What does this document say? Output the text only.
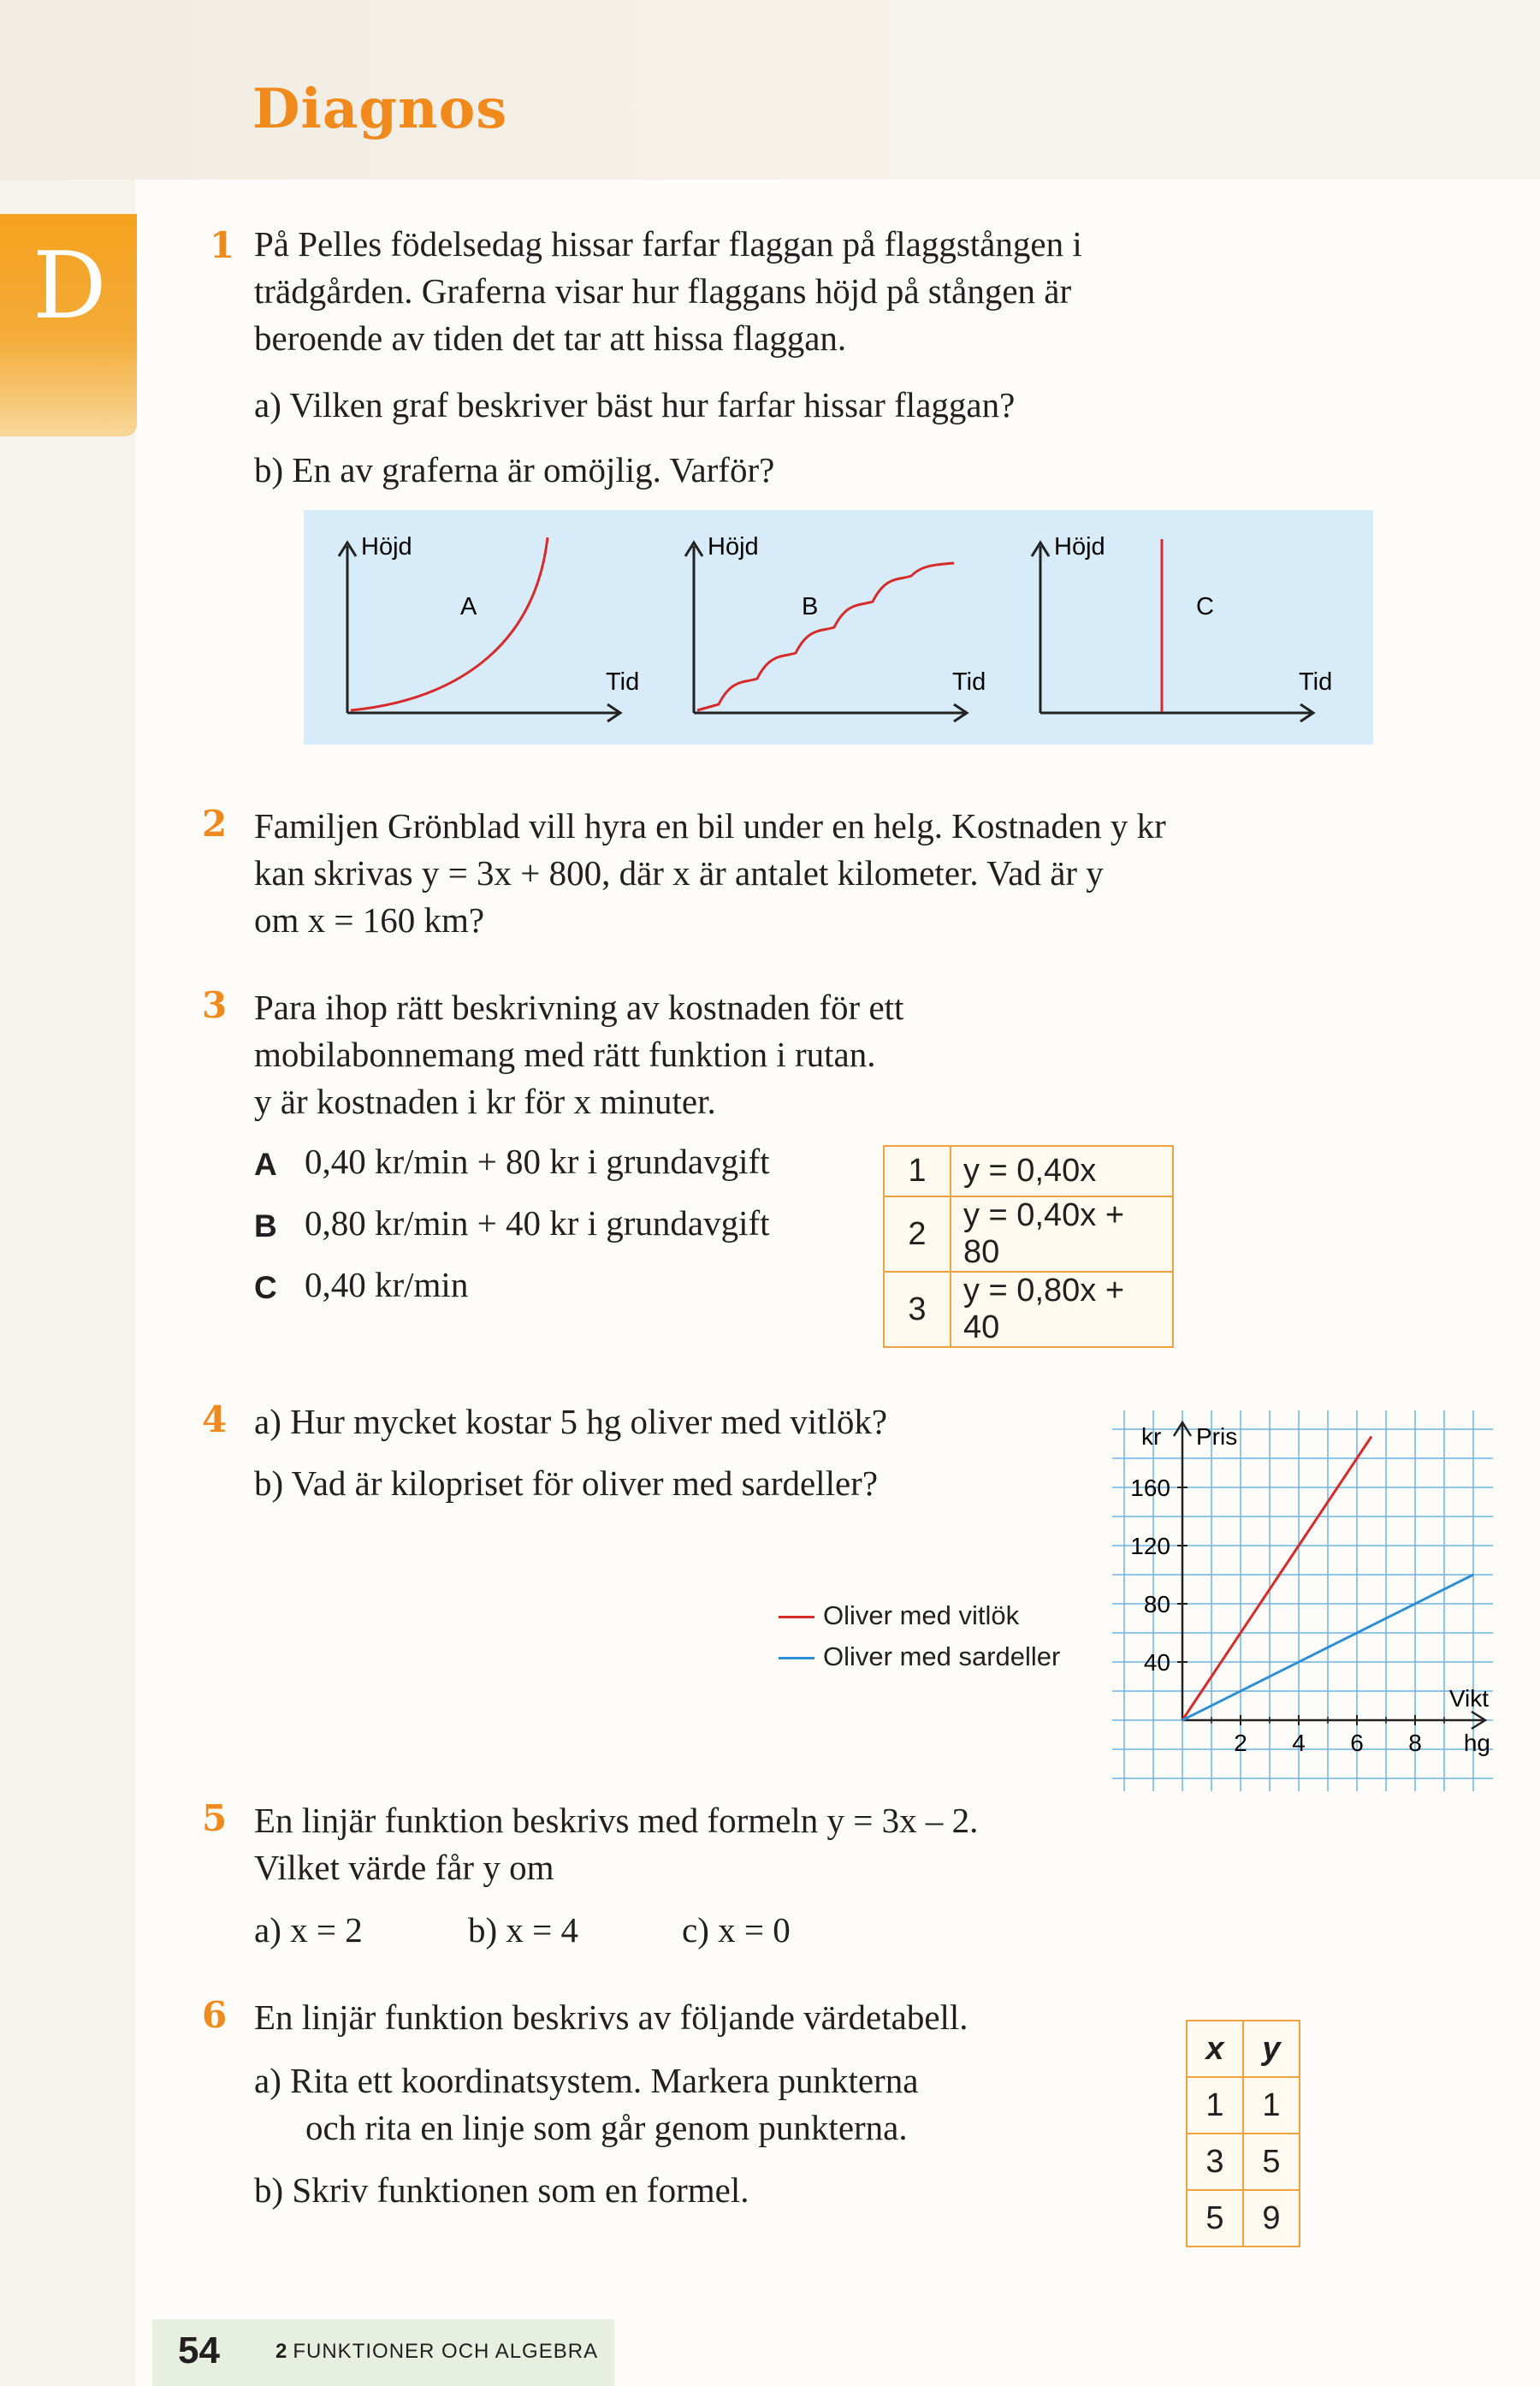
Diagnos
D	1 På Pelles födelsedag hissar farfar flaggan på flaggstången i
trädgården. Graferna visar hur flaggans höjd på stången är
beroende av tiden det tar att hissa flaggan.
a) Vilken graf beskriver bäst hur farfar hissar flaggan?
b) En av graferna är omöjlig. Varför?
Höjd
A
Tid
Höjd
B
Tid
Höjd
C
Tid
2 Familjen Grönblad vill hyra en bil under en helg. Kostnaden y kr
kan skrivas y = 3x + 800, där x är antalet kilometer. Vad är y
om x = 160 km?
3 Para ihop rätt beskrivning av kostnaden för ett
mobilabonnemang med rätt funktion i rutan.
y är kostnaden i kr för x minuter.
A 0,40 kr/min + 80 kr i grundavgift
B 0,80 kr/min + 40 kr i grundavgift
C 0,40 kr/min
1	y = 0,40x
2	y = 0,40x + 80
3	y = 0,80x + 40
4 a) Hur mycket kostar 5 hg oliver med vitlök?
b) Vad är kilopriset för oliver med sardeller?
Oliver med vitlök
Oliver med sardeller
2 4 6 8
40
80
120
160
kr Pris
Vikt
hg
5 En linjär funktion beskrivs med formeln y = 3x – 2.
Vilket värde får y om
a) x = 2	b) x = 4	c) x = 0
6 En linjär funktion beskrivs av följande värdetabell.
a) Rita ett koordinatsystem. Markera punkterna
och rita en linje som går genom punkterna.
b) Skriv funktionen som en formel.
x	y
1	1
3	5
5	9
54	2 FUNKTIONER OCH ALGEBRA
